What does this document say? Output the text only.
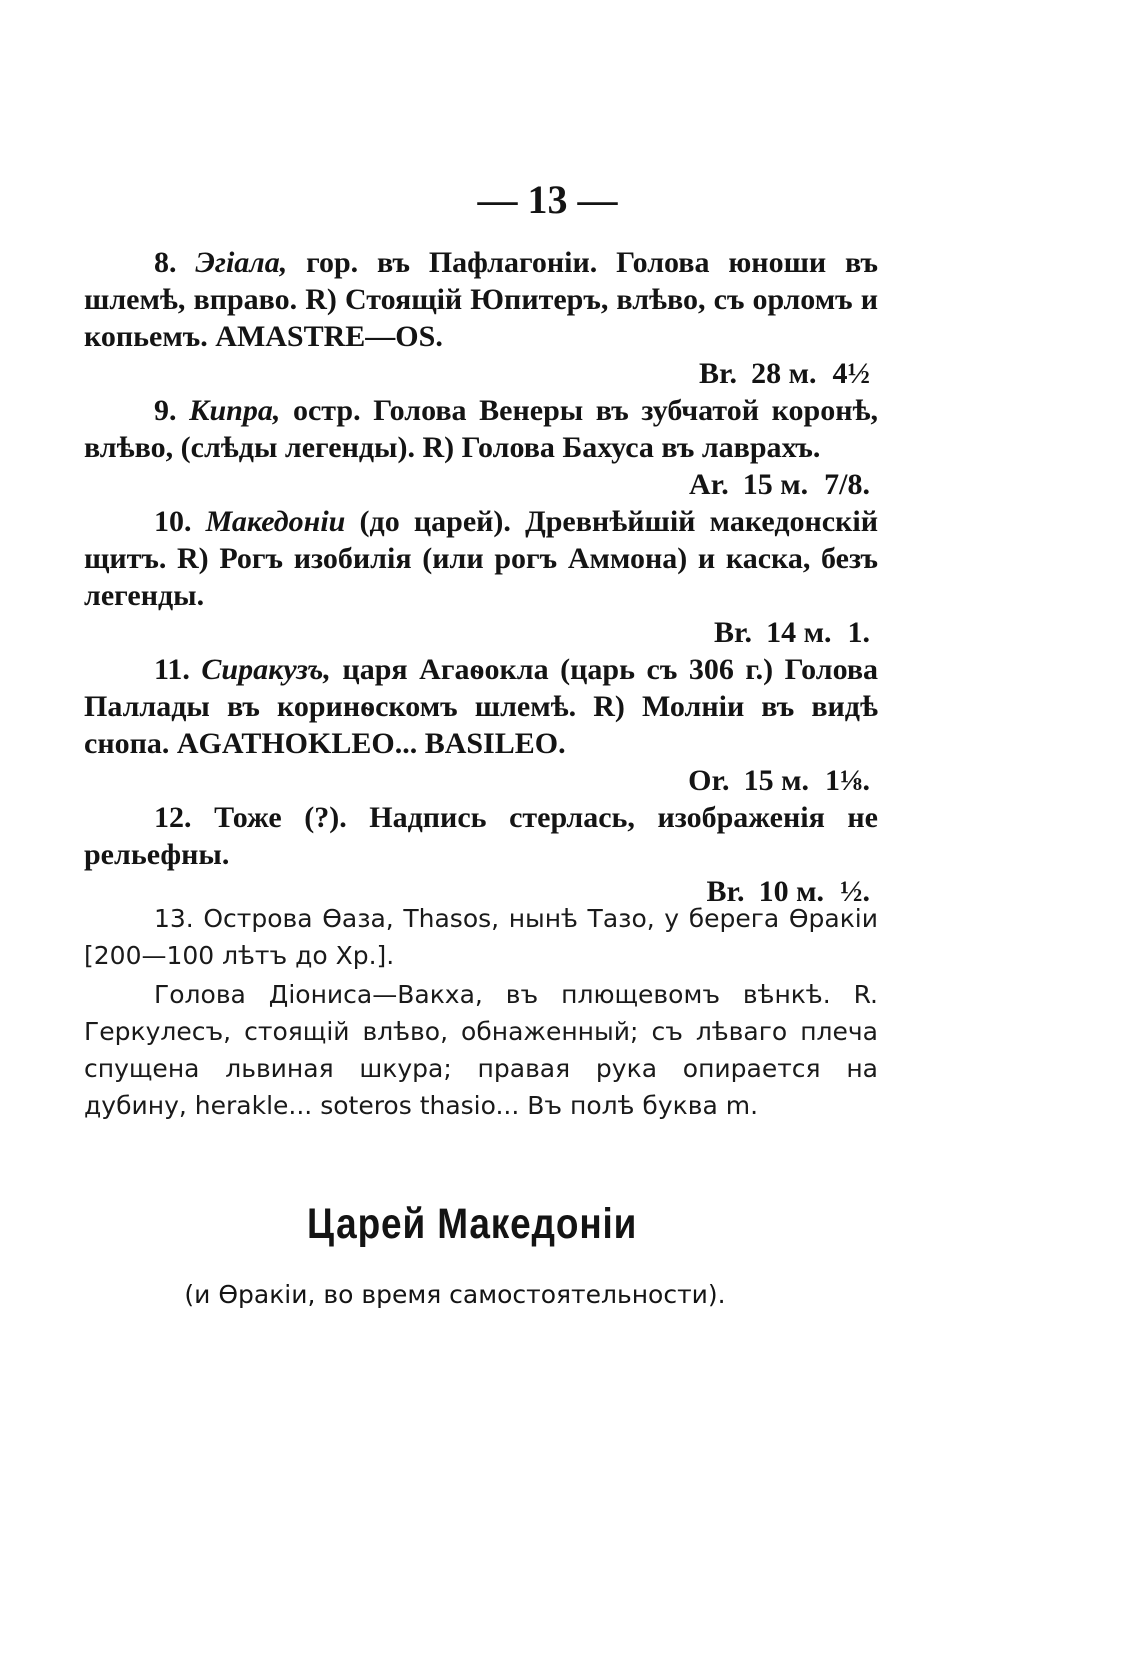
— 13 —
8. Эгiала, гор. въ Пафлагонiи. Голова юноши въ шлемѣ, вправо. R) Стоящiй Юпитеръ, влѣво, съ орломъ и копьемъ. AMASTRE—OS.
Br. 28 м. 4½
9. Кипра, остр. Голова Венеры въ зубчатой коронѣ, влѣво, (слѣды легенды). R) Голова Бахуса въ лаврахъ.
Ar. 15 м. 7/8.
10. Македонiи (до царей). Древнѣйшiй македонскiй щитъ. R) Рогъ изобилiя (или рогъ Аммона) и каска, безъ легенды.
Br. 14 м. 1.
11. Сиракузъ, царя Агаѳокла (царь съ 306 г.) Голова Паллады въ коринѳскомъ шлемѣ. R) Молнiи въ видѣ снопа. AGATHOKLEO... BASILEO.
Or. 15 м. 1⅛.
12. Тоже (?). Надпись стерлась, изображенiя не рельефны.
Br. 10 м. ½.

13. Острова Ѳаза, Thasos, нынѣ Тазо, у берега Ѳракiи [200—100 лѣтъ до Хр.].

Голова Дiониса—Вакха, въ плющевомъ вѣнкѣ. R. Геркулесъ, стоящiй влѣво, обнаженный; съ лѣваго плеча спущена львиная шкура; правая рука опирается на дубину, herakle... soteros thasio... Въ полѣ буква m.

Царей Македонiи
(и Ѳракiи, во время самостоятельности).
